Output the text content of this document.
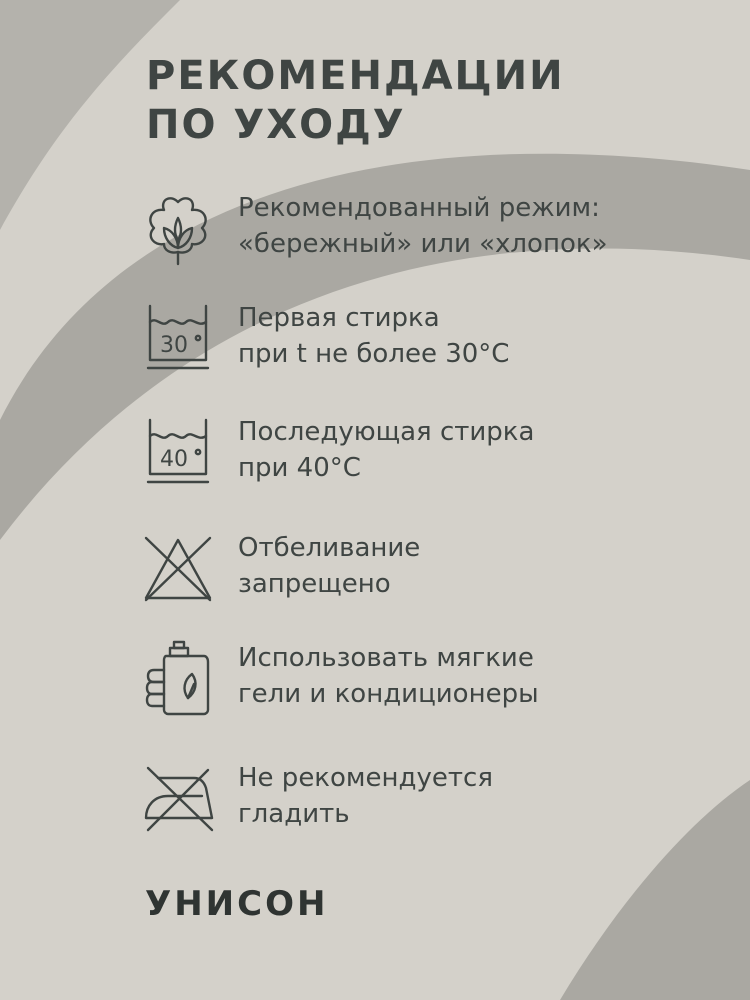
РЕКОМЕНДАЦИИ
ПО УХОДУ
Рекомендованный режим:
«бережный» или «хлопок»
30
Первая стирка
при t не более 30°C
40
Последующая стирка
при 40°C
Отбеливание
запрещено
Использовать мягкие
гели и кондиционеры
Не рекомендуется
гладить
УНИСОН
